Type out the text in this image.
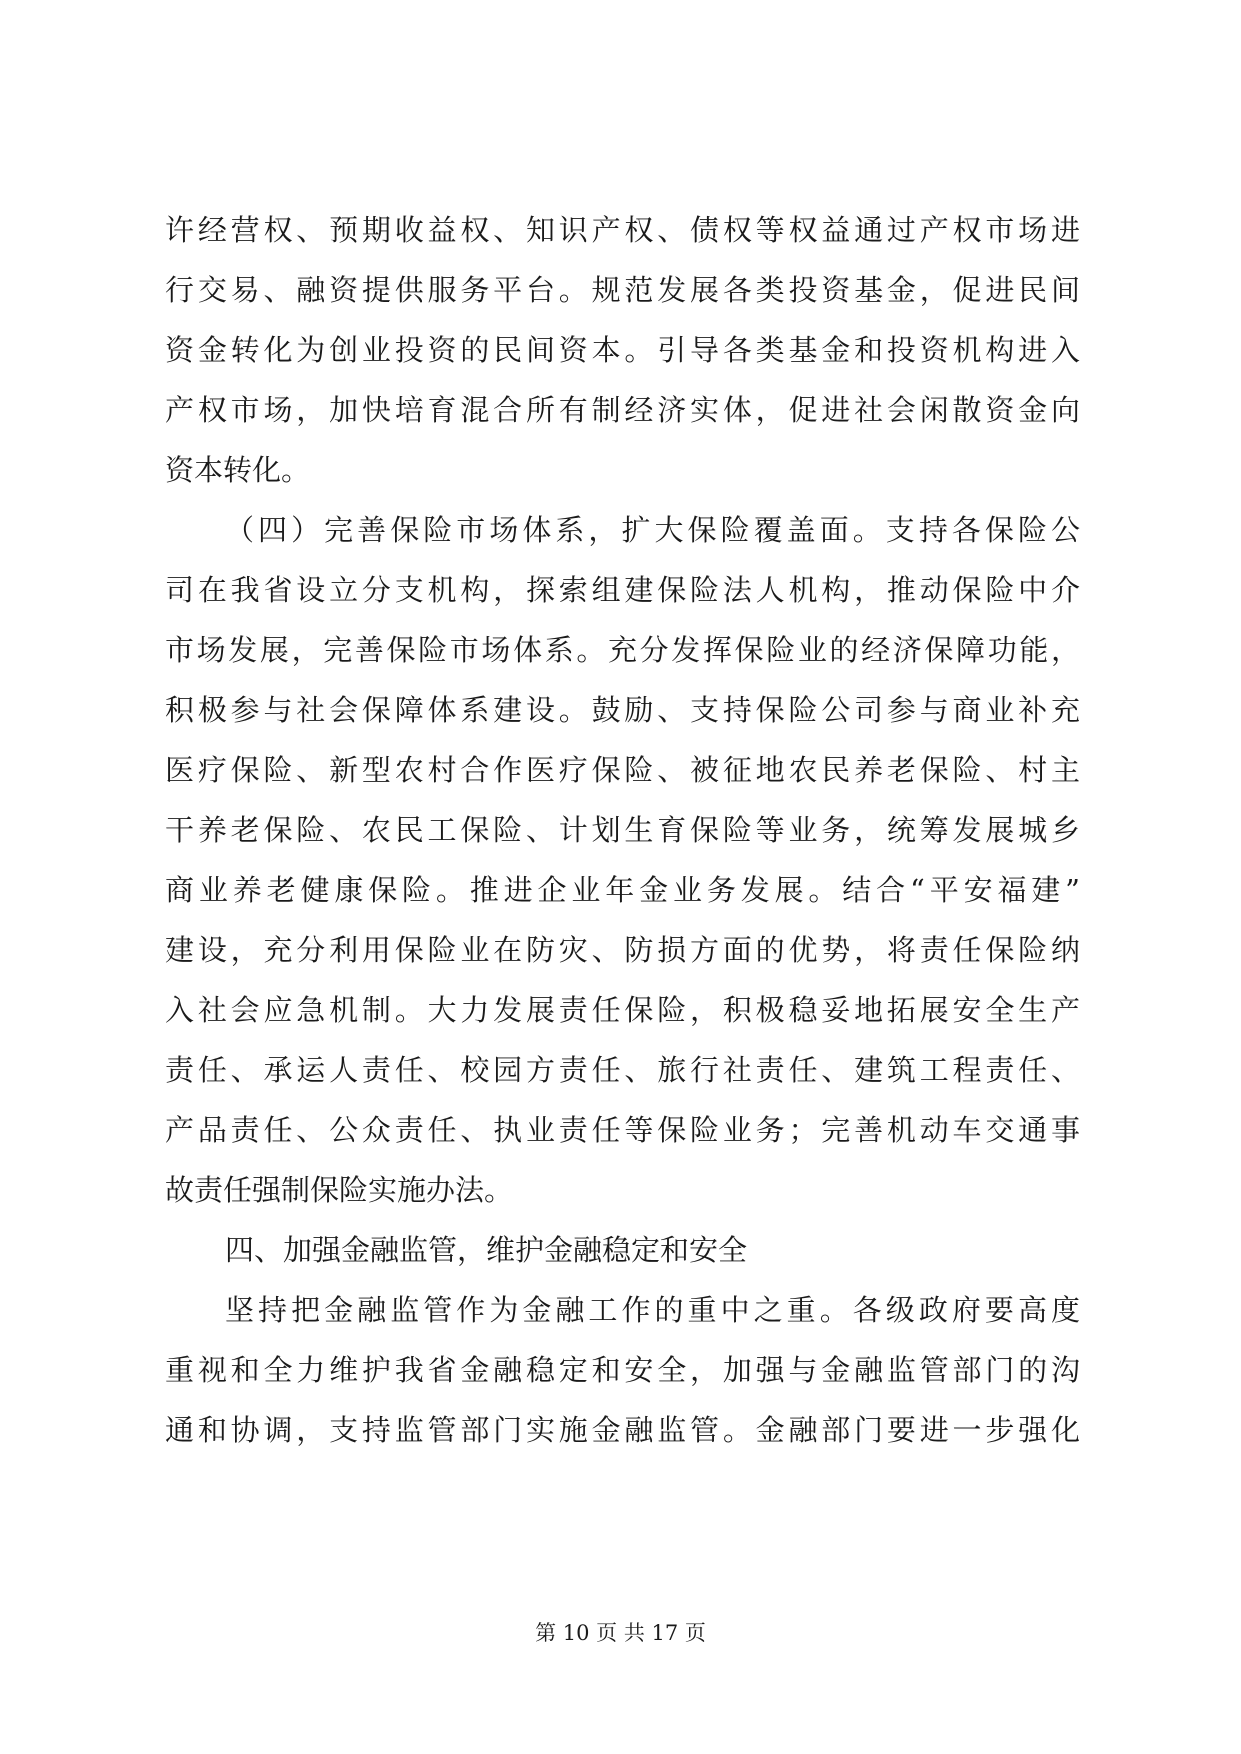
许经营权、预期收益权、知识产权、债权等权益通过产权市场进
行交易、融资提供服务平台。规范发展各类投资基金，促进民间
资金转化为创业投资的民间资本。引导各类基金和投资机构进入
产权市场，加快培育混合所有制经济实体，促进社会闲散资金向
资本转化。
（四）完善保险市场体系，扩大保险覆盖面。支持各保险公
司在我省设立分支机构，探索组建保险法人机构，推动保险中介
市场发展，完善保险市场体系。充分发挥保险业的经济保障功能，
积极参与社会保障体系建设。鼓励、支持保险公司参与商业补充
医疗保险、新型农村合作医疗保险、被征地农民养老保险、村主
干养老保险、农民工保险、计划生育保险等业务，统筹发展城乡
商业养老健康保险。推进企业年金业务发展。结合“平安福建”
建设，充分利用保险业在防灾、防损方面的优势，将责任保险纳
入社会应急机制。大力发展责任保险，积极稳妥地拓展安全生产
责任、承运人责任、校园方责任、旅行社责任、建筑工程责任、
产品责任、公众责任、执业责任等保险业务；完善机动车交通事
故责任强制保险实施办法。
四、加强金融监管，维护金融稳定和安全
坚持把金融监管作为金融工作的重中之重。各级政府要高度
重视和全力维护我省金融稳定和安全，加强与金融监管部门的沟
通和协调，支持监管部门实施金融监管。金融部门要进一步强化
第 10 页 共 17 页
